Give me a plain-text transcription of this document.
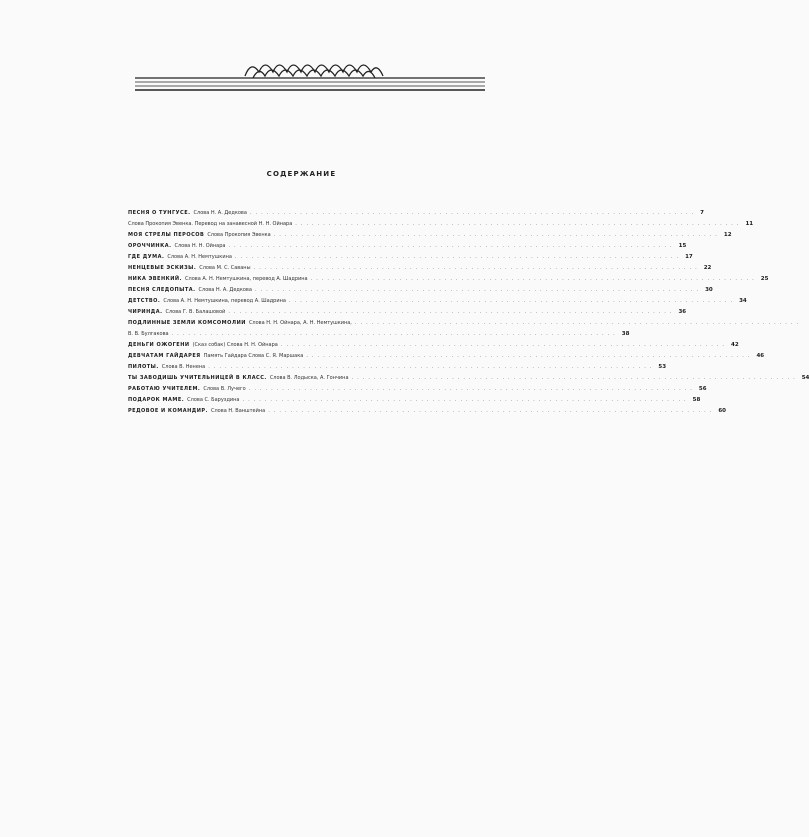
СОДЕРЖАНИЕ
ПЕСНЯ О ТУНГУСЕ. Слова Н. А. Дедкова ................................................................................ 7
Слова Прокопия Эвенка. Перевод на занавесной Н. Н. Ойнара ................................................................................ 11
МОЯ СТРЕЛЫ ПЕРОСОВ Слова Прокопия Эвенка ................................................................................ 12
ОРОЧЧИНКА. Слова Н. Н. Ойнара ................................................................................ 15
ГДЕ ДУМА. Слова А. Н. Немтушкина ................................................................................ 17
НЕНЦЕВЫЕ ЭСКИЗЫ. Слова М. С. Саваны ................................................................................ 22
НИКА ЭВЕНКИЙ. Слова А. Н. Немтушкина, перевод А. Шадрина ................................................................................ 25
ПЕСНЯ СЛЕДОПЫТА. Слова Н. А. Дедкова ................................................................................ 30
ДЕТСТВО. Слова А. Н. Немтушкина, перевод А. Шадрина ................................................................................ 34
ЧИРИНДА. Слова Г. В. Балашовой ................................................................................ 36
ПОДЛИННЫЕ ЗЕМЛИ КОМСОМОЛИИ Слова Н. Н. Ойнара, А. Н. Немтушкина, ................................................................................
В. В. Булгакова ................................................................................ 38
ДЕНЬГИ ОЖОГЕНИ (Сказ собак) Слова Н. Н. Ойнара ................................................................................ 42
ДЕВЧАТАМ ГАЙДАРЕЯ Память Гайдара Слова С. Я. Маршака ................................................................................ 46
ПИЛОТЫ. Слова В. Ненена ................................................................................ 53
ТЫ ЗАВОДИШЬ УЧИТЕЛЬНИЦЕЙ В КЛАСС. Слова В. Лодыска, А. Гончина ................................................................................ 54
РАБОТАЮ УЧИТЕЛЕМ. Слова В. Лучего ................................................................................ 56
ПОДАРОК МАМЕ. Слова С. Баруздина ................................................................................ 58
РЕДОВОЕ И КОМАНДИР. Слова Н. Ванштейна ................................................................................ 60
